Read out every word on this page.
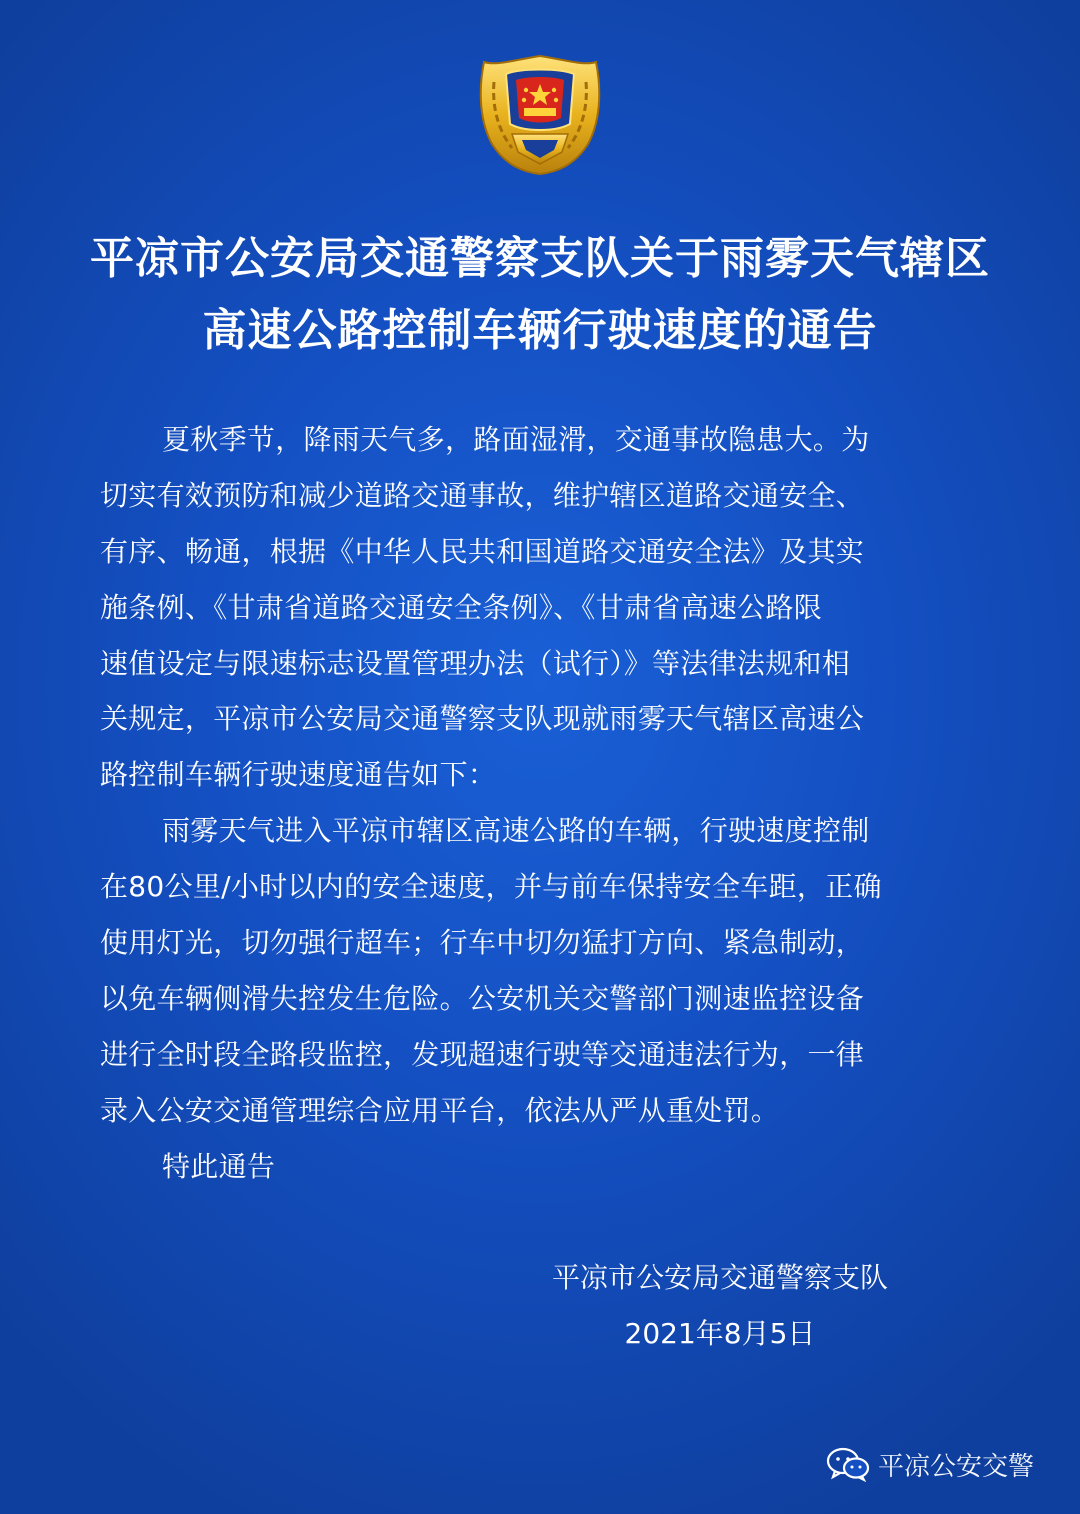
平凉市公安局交通警察支队关于雨雾天气辖区
高速公路控制车辆行驶速度的通告
夏秋季节，降雨天气多，路面湿滑，交通事故隐患大。为
切实有效预防和减少道路交通事故，维护辖区道路交通安全、
有序、畅通，根据《中华人民共和国道路交通安全法》及其实
施条例、《甘肃省道路交通安全条例》、《甘肃省高速公路限
速值设定与限速标志设置管理办法（试行）》等法律法规和相
关规定，平凉市公安局交通警察支队现就雨雾天气辖区高速公
路控制车辆行驶速度通告如下：
雨雾天气进入平凉市辖区高速公路的车辆，行驶速度控制
在80公里/小时以内的安全速度，并与前车保持安全车距，正确
使用灯光，切勿强行超车；行车中切勿猛打方向、紧急制动，
以免车辆侧滑失控发生危险。公安机关交警部门测速监控设备
进行全时段全路段监控，发现超速行驶等交通违法行为，一律
录入公安交通管理综合应用平台，依法从严从重处罚。
特此通告
平凉市公安局交通警察支队
2021年8月5日
平凉公安交警
